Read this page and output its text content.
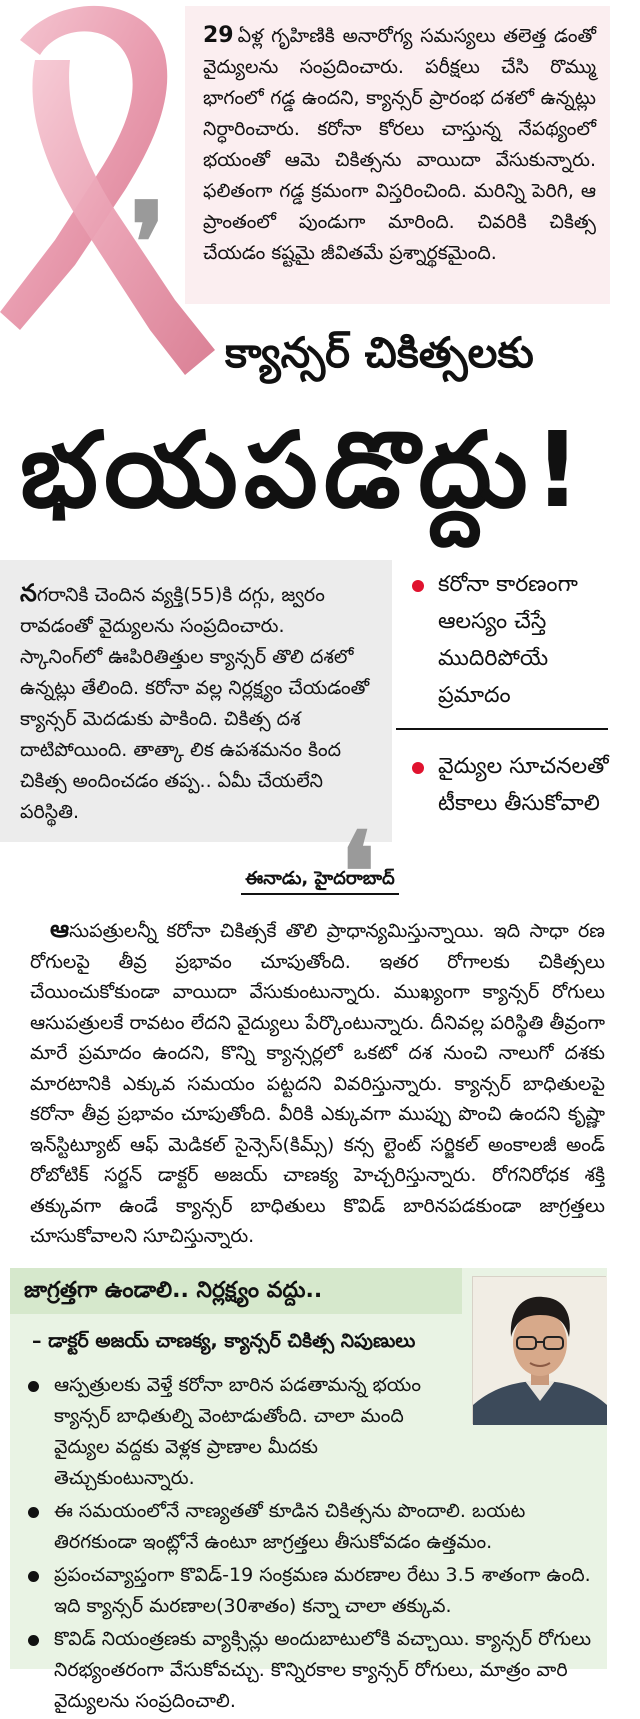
29 ఏళ్ల గృహిణికి అనారోగ్య సమస్యలు తలెత్త డంతో వైద్యులను సంప్రదించారు. పరీక్షలు చేసి రొమ్ము భాగంలో గడ్డ ఉందని, క్యాన్సర్ ప్రారంభ దశలో ఉన్నట్లు నిర్ధారించారు. కరోనా కోరలు చాస్తున్న నేపథ్యంలో భయంతో ఆమె చికిత్సను వాయిదా వేసుకున్నారు. ఫలితంగా గడ్డ క్రమంగా విస్తరించింది. మరిన్ని పెరిగి, ఆ ప్రాంతంలో పుండుగా మారింది. చివరికి చికిత్స చేయడం కష్టమై జీవితమే ప్రశ్నార్థకమైంది.

❜
క్యాన్సర్ చికిత్సలకు
భయపడొద్దు!

నగరానికి చెందిన వ్యక్తి(55)కి దగ్గు, జ్వరం రావడంతో వైద్యులను సంప్రదించారు. స్కానింగ్‌లో ఊపిరితిత్తుల క్యాన్సర్ తొలి దశలో ఉన్నట్లు తేలింది. కరోనా వల్ల నిర్లక్ష్యం చేయడంతో క్యాన్సర్ మెదడుకు పాకింది. చికిత్స దశ దాటిపోయింది. తాత్కా లిక ఉపశమనం కింద చికిత్స అందించడం తప్ప.. ఏమీ చేయలేని పరిస్థితి.	❜
కరోనా కారణంగా ఆలస్యం చేస్తే ముదిరిపోయే ప్రమాదం
వైద్యుల సూచనలతో టీకాలు తీసుకోవాలి
ఈనాడు, హైదరాబాద్

ఆసుపత్రులన్నీ కరోనా చికిత్సకే తొలి ప్రాధాన్యమిస్తున్నాయి. ఇది సాధా రణ రోగులపై తీవ్ర ప్రభావం చూపుతోంది. ఇతర రోగాలకు చికిత్సలు చేయించుకోకుండా వాయిదా వేసుకుంటున్నారు. ముఖ్యంగా క్యాన్సర్ రోగులు ఆసుపత్రులకే రావటం లేదని వైద్యులు పేర్కొంటున్నారు. దీనివల్ల పరిస్థితి తీవ్రంగా మారే ప్రమాదం ఉందని, కొన్ని క్యాన్సర్లలో ఒకటో దశ నుంచి నాలుగో దశకు మారటానికి ఎక్కువ సమయం పట్టదని వివరిస్తున్నారు. క్యాన్సర్ బాధితులపై కరోనా తీవ్ర ప్రభావం చూపుతోంది. వీరికి ఎక్కువగా ముప్పు పొంచి ఉందని కృష్ణా ఇన్‌స్టిట్యూట్ ఆఫ్ మెడికల్ సైన్సెస్(కిమ్స్) కన్స ల్టెంట్ సర్జికల్ అంకాలజీ అండ్ రోబోటిక్ సర్జన్ డాక్టర్ అజయ్ చాణక్య హెచ్చరిస్తున్నారు. రోగనిరోధక శక్తి తక్కువగా ఉండే క్యాన్సర్ బాధితులు కొవిడ్ బారినపడకుండా జాగ్రత్తలు చూసుకోవాలని సూచిస్తున్నారు.

జాగ్రత్తగా ఉండాలి.. నిర్లక్ష్యం వద్దు..
– డాక్టర్ అజయ్ చాణక్య, క్యాన్సర్ చికిత్స నిపుణులు
ఆస్పత్రులకు వెళ్తే కరోనా బారిన పడతామన్న భయం క్యాన్సర్ బాధితుల్ని వెంటాడుతోంది. చాలా మంది వైద్యుల వద్దకు వెళ్లక ప్రాణాల మీదకు తెచ్చుకుంటున్నారు.
ఈ సమయంలోనే నాణ్యతతో కూడిన చికిత్సను పొందాలి. బయట తిరగకుండా ఇంట్లోనే ఉంటూ జాగ్రత్తలు తీసుకోవడం ఉత్తమం.
ప్రపంచవ్యాప్తంగా కొవిడ్-19 సంక్రమణ మరణాల రేటు 3.5 శాతంగా ఉంది. ఇది క్యాన్సర్ మరణాల(30శాతం) కన్నా చాలా తక్కువ.
కొవిడ్ నియంత్రణకు వ్యాక్సిన్లు అందుబాటులోకి వచ్చాయి. క్యాన్సర్ రోగులు నిరభ్యంతరంగా వేసుకోవచ్చు. కొన్నిరకాల క్యాన్సర్ రోగులు, మాత్రం వారి వైద్యులను సంప్రదించాలి.
